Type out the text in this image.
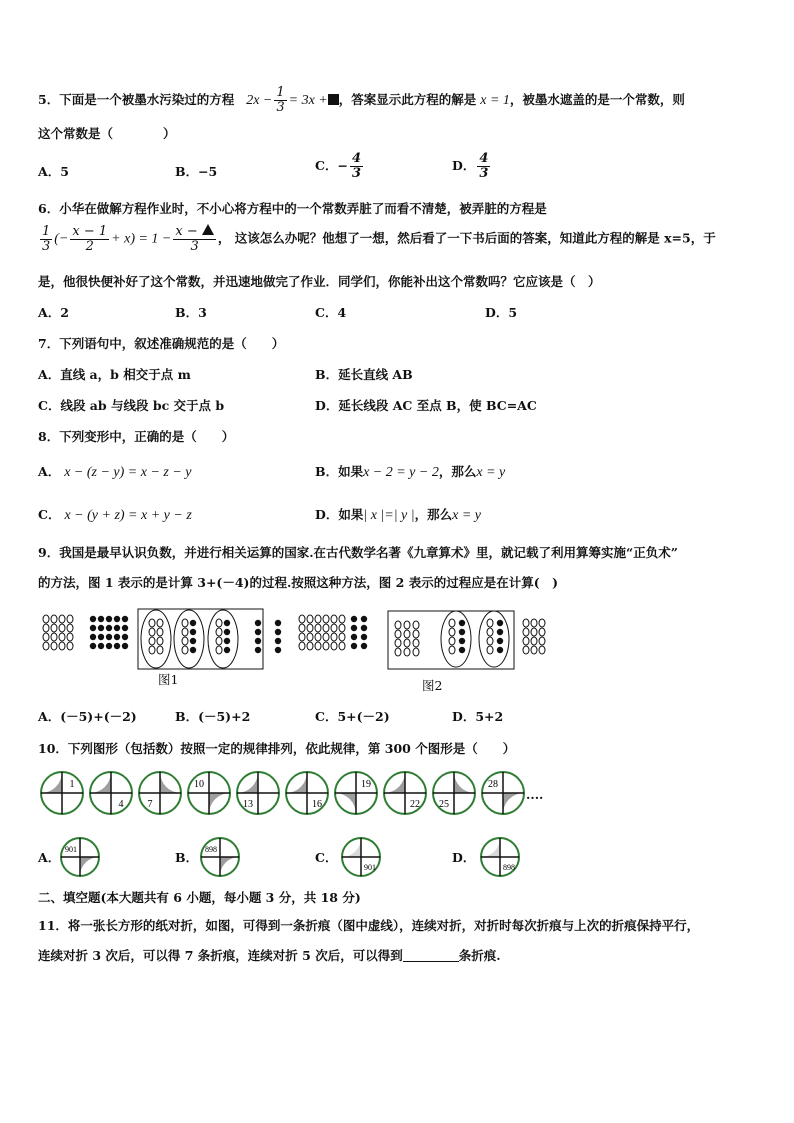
5．下面是一个被墨水污染过的方程 $2x - \frac{1}{3} = 3x$ + ，答案显示此方程的解是 x = 1，被墨水遮盖的是一个常数，则
这个常数是（　　　　）
A．5	B．−5	C．− $\frac{4}{3}$	D． $\frac{4}{3}$
6．小华在做解方程作业时，不小心将方程中的一个常数弄脏了而看不清楚，被弄脏的方程是
$\frac{1}{3}$ (− $\frac{x - 1}{2} + x) = 1 - \frac{x -}{3}$ ， 这该怎么办呢？他想了一想，然后看了一下书后面的答案，知道此方程的解是 x=5，于
是，他很快便补好了这个常数，并迅速地做完了作业．同学们，你能补出这个常数吗？它应该是（　）
A．2	B．3	C．4	D．5
7．下列语句中，叙述准确规范的是（　　）
A．直线 a，b 相交于点 m	B．延长直线 AB
C．线段 ab 与线段 bc 交于点 b	D．延长线段 AC 至点 B，使 BC=AC
8．下列变形中，正确的是（　　）
A． x − (z − y) = x − z − y	B．如果x − 2 = y − 2，那么x = y
C． x − (y + z) = x + y − z	D．如果| x |=| y |，那么x = y
9．我国是最早认识负数，并进行相关运算的国家.在古代数学名著《九章算术》里，就记载了利用算筹实施“正负术”
的方法，图 1 表示的是计算 3+(－4)的过程.按照这种方法，图 2 表示的过程应是在计算(　)
图1	图2
A．(－5)+(－2)	B．(－5)+2	C．5+(－2)	D．5+2
10．下列图形（包括数）按照一定的规律排列，依此规律，第 300 个图形是（　　）
1
4 7
10
13	16
19
22 25
28
....
A．	B．	C．	D．
901	898
901	898
二、填空题(本大题共有 6 小题，每小题 3 分，共 18 分)
11．将一张长方形的纸对折，如图，可得到一条折痕（图中虚线），连续对折，对折时每次折痕与上次的折痕保持平行，
连续对折 3 次后，可以得 7 条折痕，连续对折 5 次后，可以得到	条折痕.
